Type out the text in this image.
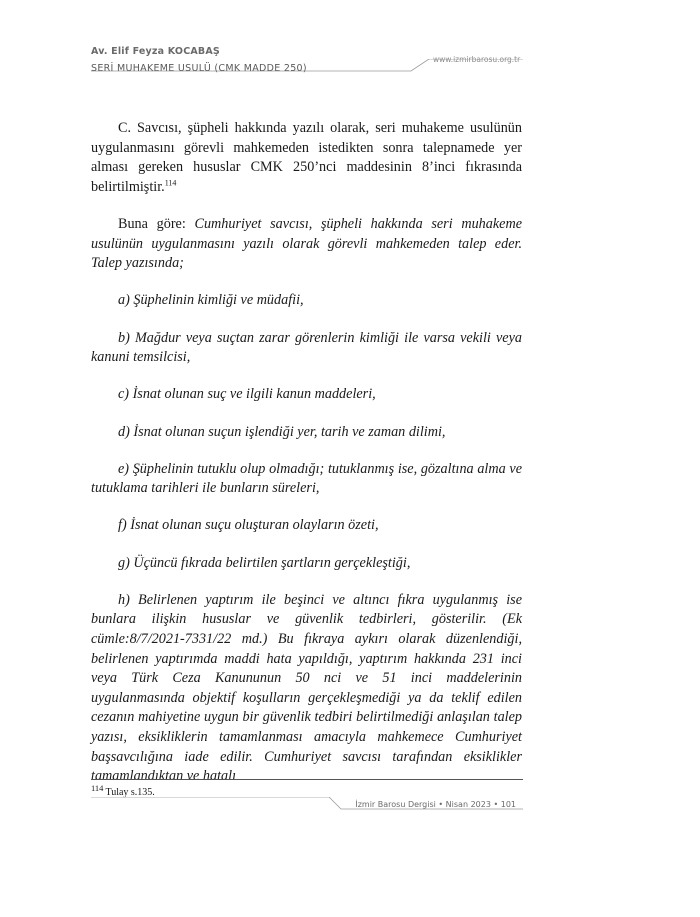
Av. Elif Feyza KOCABAŞ
www.izmirbarosu.org.tr
SERİ MUHAKEME USULÜ (CMK MADDE 250)

C. Savcısı, şüpheli hakkında yazılı olarak, seri muhakeme usulünün uygulanmasını görevli mahkemeden istedikten sonra talepnamede yer alması gereken hususlar CMK 250’nci maddesinin 8’inci fıkrasında belirtilmiştir.$^{114}$

Buna göre: Cumhuriyet savcısı, şüpheli hakkında seri muhakeme usulünün uygulanmasını yazılı olarak görevli mahkemeden talep eder. Talep yazısında;

a) Şüphelinin kimliği ve müdafii,

b) Mağdur veya suçtan zarar görenlerin kimliği ile varsa vekili veya kanuni temsilcisi,

c) İsnat olunan suç ve ilgili kanun maddeleri,

d) İsnat olunan suçun işlendiği yer, tarih ve zaman dilimi,

e) Şüphelinin tutuklu olup olmadığı; tutuklanmış ise, gözaltına alma ve tutuklama tarihleri ile bunların süreleri,

f) İsnat olunan suçu oluşturan olayların özeti,

g) Üçüncü fıkrada belirtilen şartların gerçekleştiği,

h) Belirlenen yaptırım ile beşinci ve altıncı fıkra uygulanmış ise bunlara ilişkin hususlar ve güvenlik tedbirleri, gösterilir. (Ek cümle:8/7/2021-7331/22 md.) Bu fıkraya aykırı olarak düzenlendiği, belirlenen yaptırımda maddi hata yapıldığı, yaptırım hakkında 231 inci veya Türk Ceza Kanununun 50 nci ve 51 inci maddelerinin uygulanmasında objektif koşulların gerçekleşmediği ya da teklif edilen cezanın mahiyetine uygun bir güvenlik tedbiri belirtilmediği anlaşılan talep yazısı, eksikliklerin tamamlanması amacıyla mahkemece Cumhuriyet başsavcılığına iade edilir. Cumhuriyet savcısı tarafından eksiklikler tamamlandıktan ve hatalı

$^{114}$ Tulay s.135.
İzmir Barosu Dergisi • Nisan 2023 • 101
